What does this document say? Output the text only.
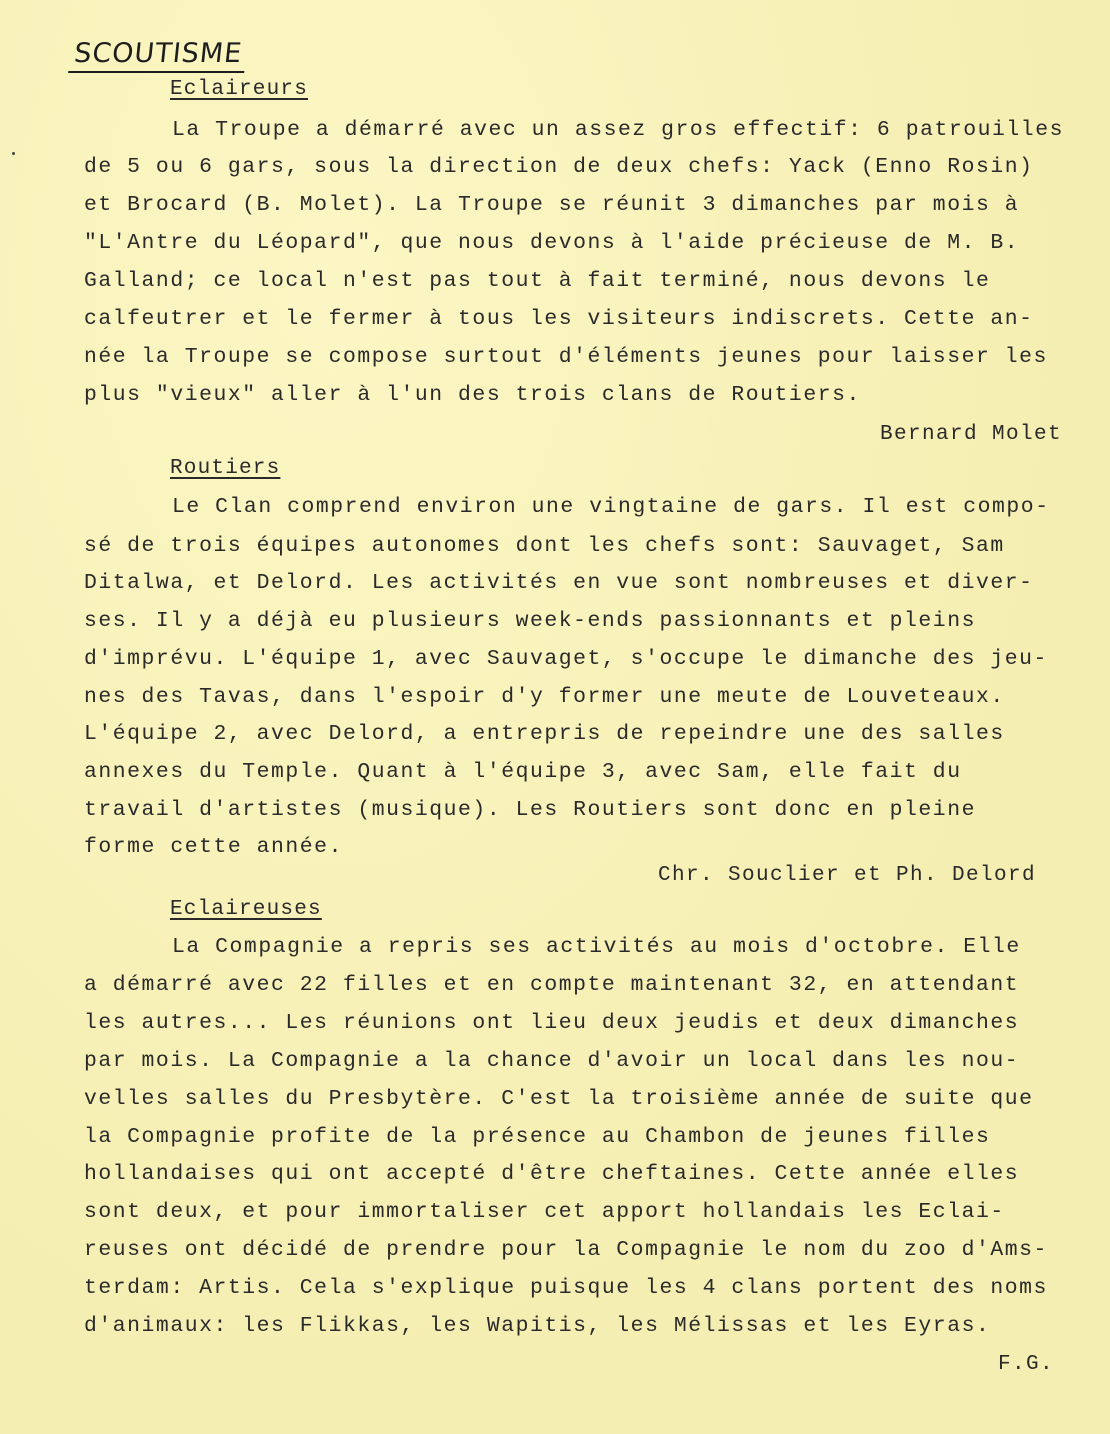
SCOUTISME
Eclaireurs
La Troupe a démarré avec un assez gros effectif: 6 patrouilles
de 5 ou 6 gars, sous la direction de deux chefs: Yack (Enno Rosin)
et Brocard (B. Molet). La Troupe se réunit 3 dimanches par mois à
"L'Antre du Léopard", que nous devons à l'aide précieuse de M. B.
Galland; ce local n'est pas tout à fait terminé, nous devons le
calfeutrer et le fermer à tous les visiteurs indiscrets. Cette an-
née la Troupe se compose surtout d'éléments jeunes pour laisser les
plus "vieux" aller à l'un des trois clans de Routiers.
Bernard Molet
Routiers
Le Clan comprend environ une vingtaine de gars. Il est compo-
sé de trois équipes autonomes dont les chefs sont: Sauvaget, Sam
Ditalwa, et Delord. Les activités en vue sont nombreuses et diver-
ses. Il y a déjà eu plusieurs week-ends passionnants et pleins
d'imprévu. L'équipe 1, avec Sauvaget, s'occupe le dimanche des jeu-
nes des Tavas, dans l'espoir d'y former une meute de Louveteaux.
L'équipe 2, avec Delord, a entrepris de repeindre une des salles
annexes du Temple. Quant à l'équipe 3, avec Sam, elle fait du
travail d'artistes (musique). Les Routiers sont donc en pleine
forme cette année.
Chr. Souclier et Ph. Delord
Eclaireuses
La Compagnie a repris ses activités au mois d'octobre. Elle
a démarré avec 22 filles et en compte maintenant 32, en attendant
les autres... Les réunions ont lieu deux jeudis et deux dimanches
par mois. La Compagnie a la chance d'avoir un local dans les nou-
velles salles du Presbytère. C'est la troisième année de suite que
la Compagnie profite de la présence au Chambon de jeunes filles
hollandaises qui ont accepté d'être cheftaines. Cette année elles
sont deux, et pour immortaliser cet apport hollandais les Eclai-
reuses ont décidé de prendre pour la Compagnie le nom du zoo d'Ams-
terdam: Artis. Cela s'explique puisque les 4 clans portent des noms
d'animaux: les Flikkas, les Wapitis, les Mélissas et les Eyras.
F.G.
